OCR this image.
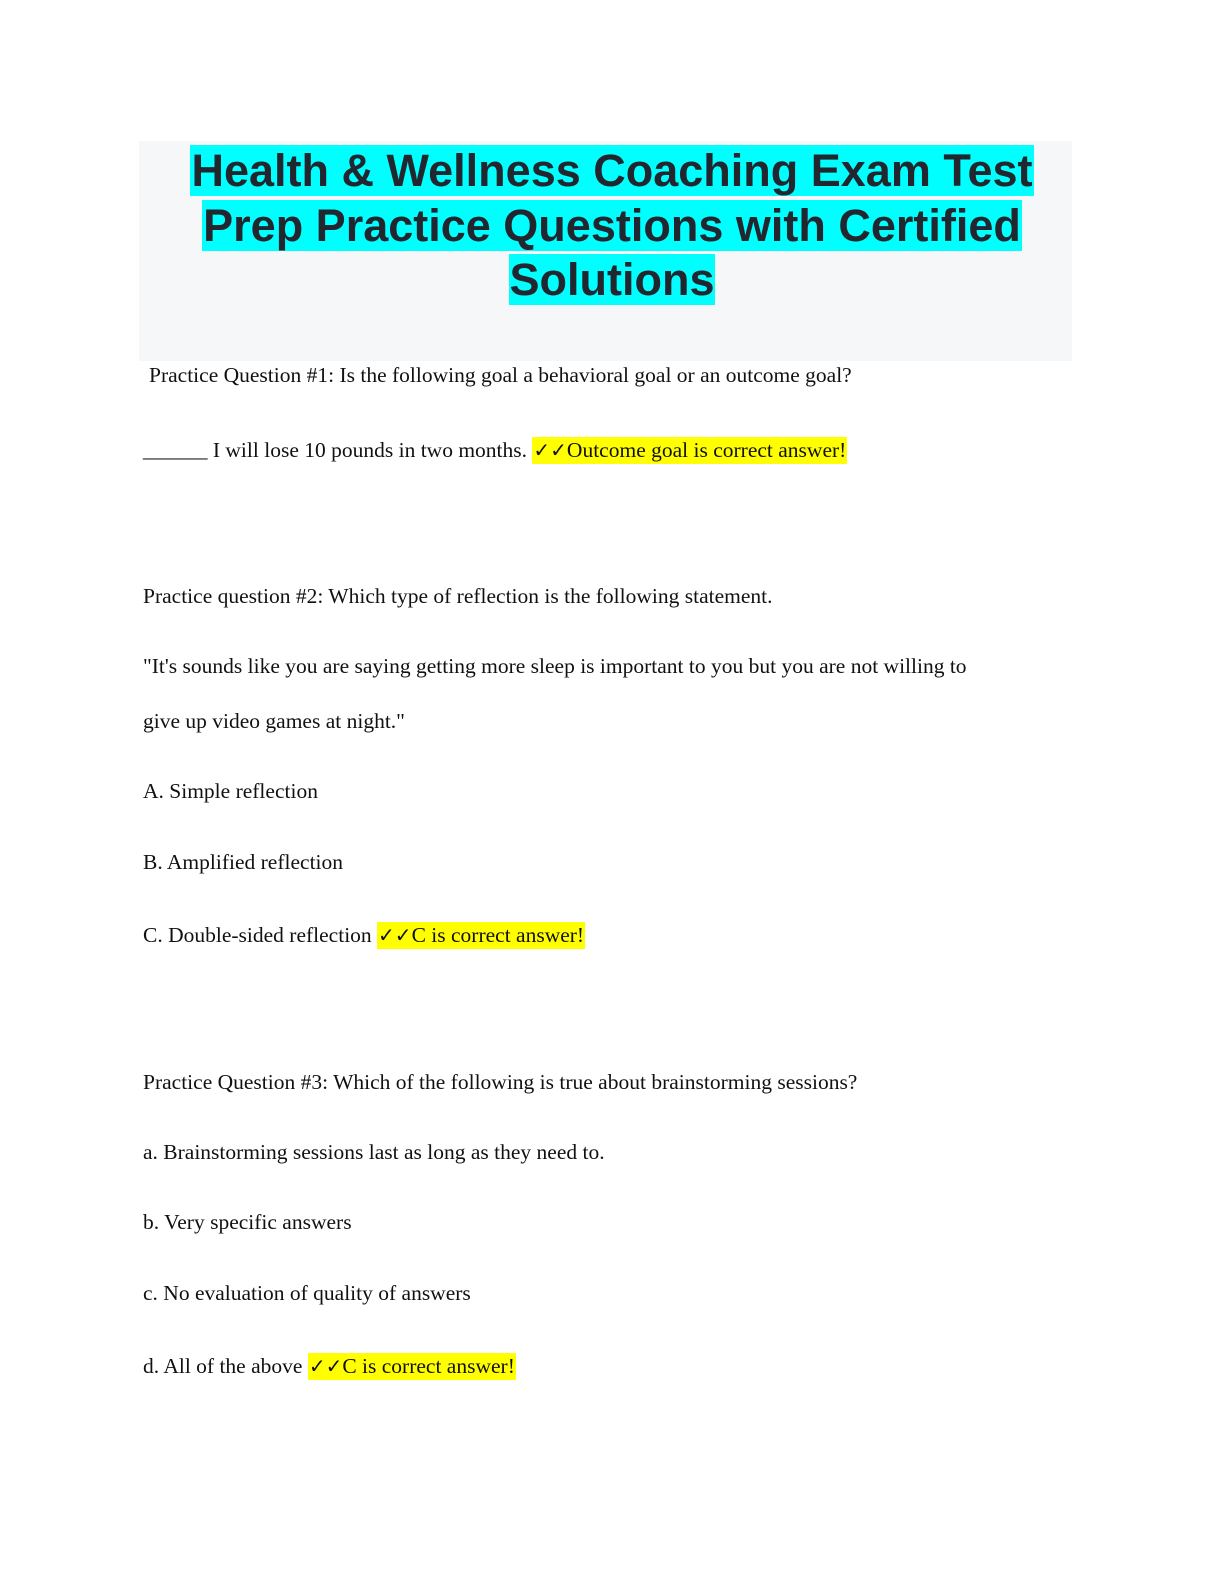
Health & Wellness Coaching Exam Test
Prep Practice Questions with Certified
Solutions
Practice Question #1: Is the following goal a behavioral goal or an outcome goal?
______ I will lose 10 pounds in two months. ✓✓Outcome goal is correct answer!
Practice question #2: Which type of reflection is the following statement.
"It's sounds like you are saying getting more sleep is important to you but you are not willing to
give up video games at night."
A. Simple reflection
B. Amplified reflection
C. Double-sided reflection ✓✓C is correct answer!
Practice Question #3: Which of the following is true about brainstorming sessions?
a. Brainstorming sessions last as long as they need to.
b. Very specific answers
c. No evaluation of quality of answers
d. All of the above ✓✓C is correct answer!
